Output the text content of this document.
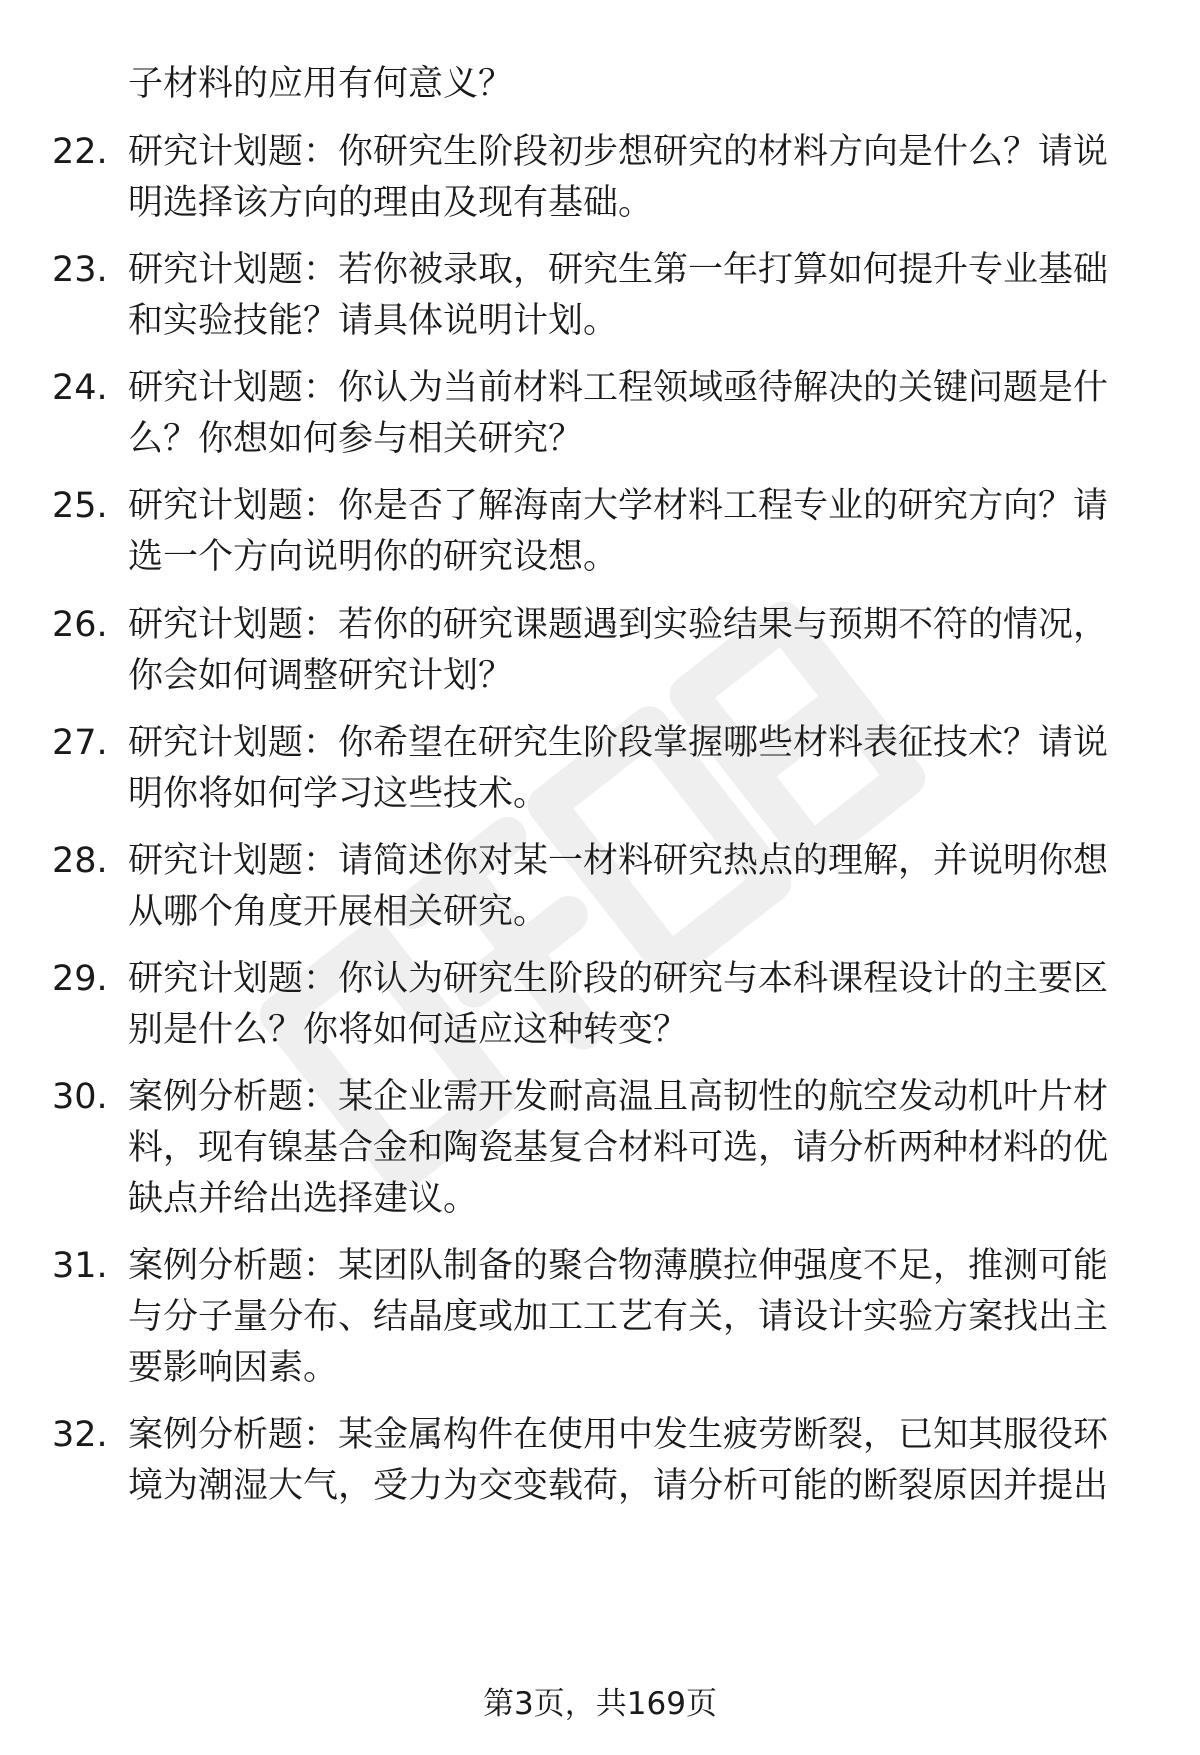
子材料的应用有何意义？
22. 研究计划题：你研究生阶段初步想研究的材料方向是什么？请说明选择该方向的理由及现有基础。
23. 研究计划题：若你被录取，研究生第一年打算如何提升专业基础和实验技能？请具体说明计划。
24. 研究计划题：你认为当前材料工程领域亟待解决的关键问题是什么？你想如何参与相关研究？
25. 研究计划题：你是否了解海南大学材料工程专业的研究方向？请选一个方向说明你的研究设想。
26. 研究计划题：若你的研究课题遇到实验结果与预期不符的情况，你会如何调整研究计划？
27. 研究计划题：你希望在研究生阶段掌握哪些材料表征技术？请说明你将如何学习这些技术。
28. 研究计划题：请简述你对某一材料研究热点的理解，并说明你想从哪个角度开展相关研究。
29. 研究计划题：你认为研究生阶段的研究与本科课程设计的主要区别是什么？你将如何适应这种转变？
30. 案例分析题：某企业需开发耐高温且高韧性的航空发动机叶片材料，现有镍基合金和陶瓷基复合材料可选，请分析两种材料的优缺点并给出选择建议。
31. 案例分析题：某团队制备的聚合物薄膜拉伸强度不足，推测可能与分子量分布、结晶度或加工工艺有关，请设计实验方案找出主要影响因素。
32. 案例分析题：某金属构件在使用中发生疲劳断裂，已知其服役环境为潮湿大气，受力为交变载荷，请分析可能的断裂原因并提出
第3页，共169页
